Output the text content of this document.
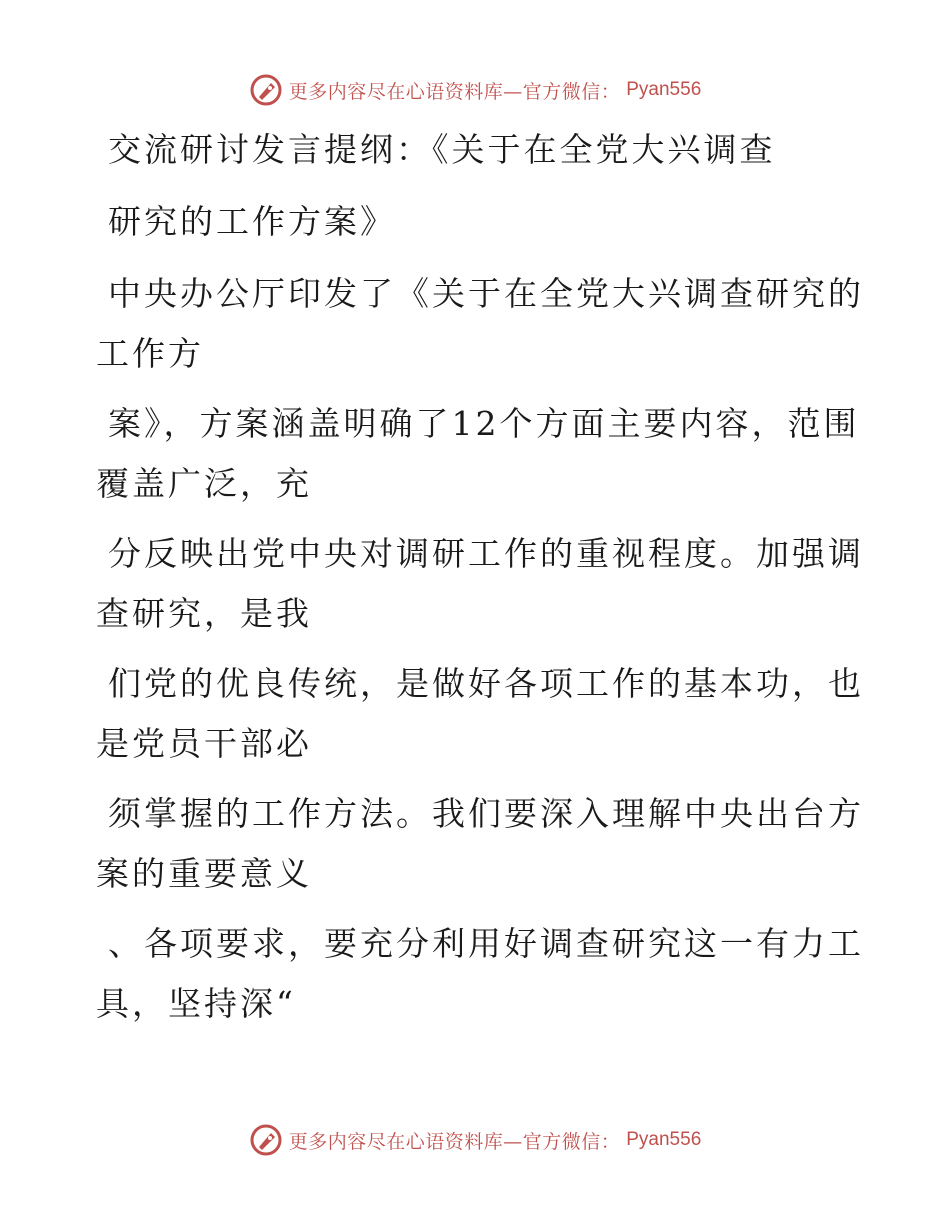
更多内容尽在心语资料库—官方微信： Pyan556

交流研讨发言提纲：《关于在全党大兴调查

研究的工作方案》

中央办公厅印发了《关于在全党大兴调查研究的

工作方

案》，方案涵盖明确了12个方面主要内容，范围

覆盖广泛，充

分反映出党中央对调研工作的重视程度。加强调

查研究，是我

们党的优良传统，是做好各项工作的基本功，也

是党员干部必

须掌握的工作方法。我们要深入理解中央出台方

案的重要意义

、各项要求，要充分利用好调查研究这一有力工

具，坚持深“

更多内容尽在心语资料库—官方微信： Pyan556
